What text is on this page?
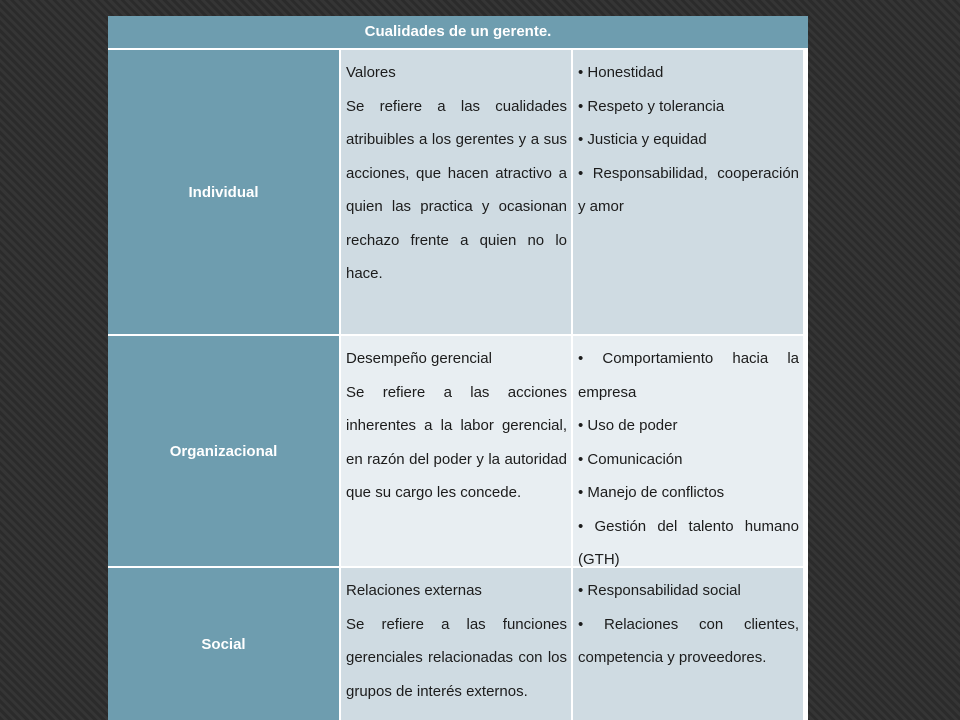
Cualidades de un gerente.
Individual
Valores
Se refiere a las cualidades atribuibles a los gerentes y a sus acciones, que hacen atractivo a quien las practica y ocasionan rechazo frente a quien no lo hace.
• Honestidad
• Respeto y tolerancia
• Justicia y equidad
• Responsabilidad, cooperación y amor
Organizacional
Desempeño gerencial
Se refiere a las acciones inherentes a la labor gerencial, en razón del poder y la autoridad que su cargo les concede.
• Comportamiento hacia la empresa
• Uso de poder
• Comunicación
• Manejo de conflictos
• Gestión del talento humano (GTH)
Social
Relaciones externas
Se refiere a las funciones gerenciales relacionadas con los grupos de interés externos.
• Responsabilidad social
• Relaciones con clientes, competencia y proveedores.
